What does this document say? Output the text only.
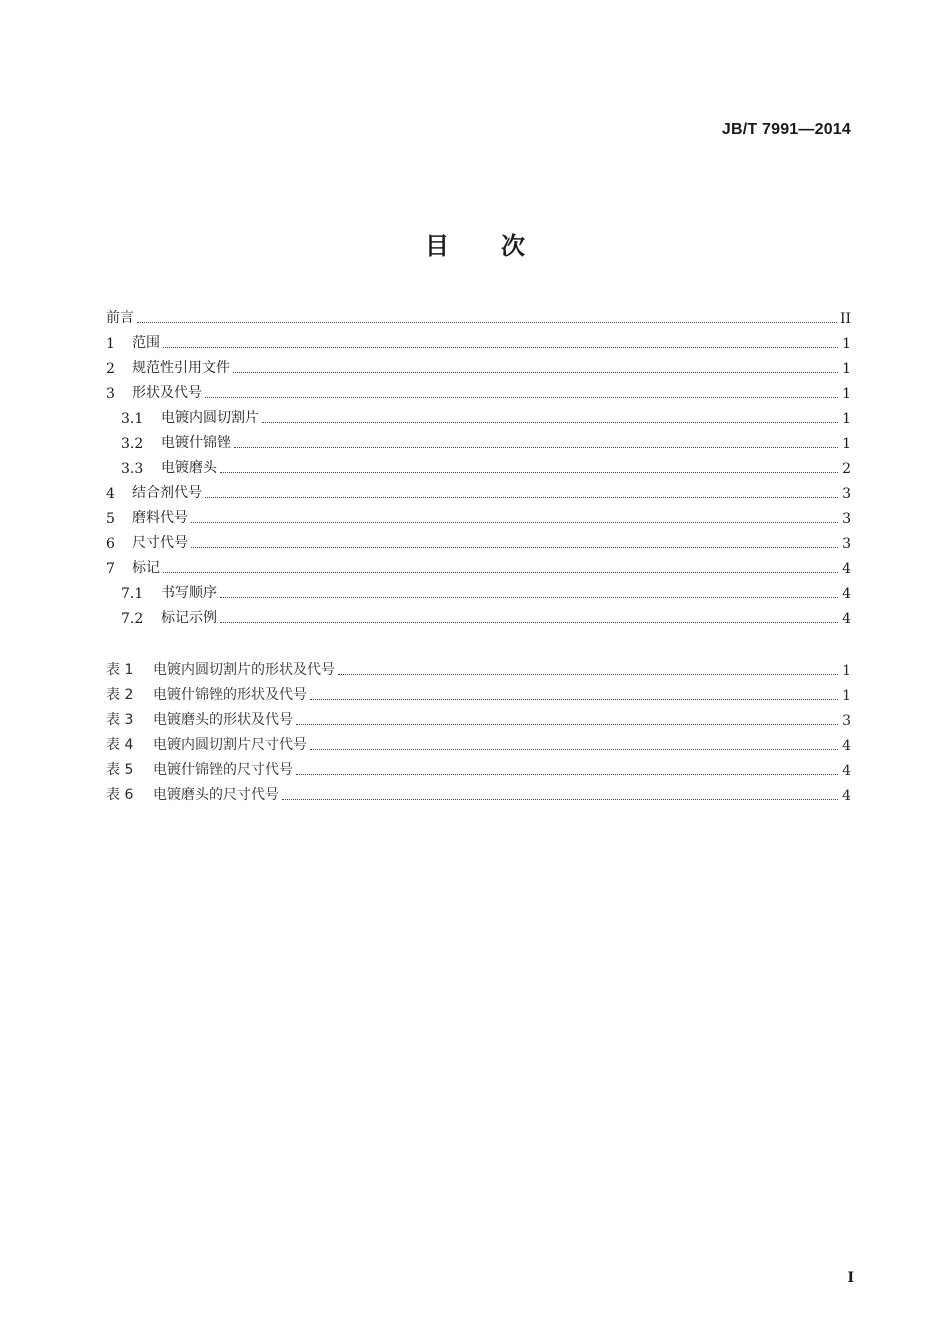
JB/T 7991—2014
目次
前言	II
1	范围	1
2	规范性引用文件	1
3	形状及代号	1
3.1	电镀内圆切割片	1
3.2	电镀什锦锉	1
3.3	电镀磨头	2
4	结合剂代号	3
5	磨料代号	3
6	尺寸代号	3
7	标记	4
7.1	书写顺序	4
7.2	标记示例	4
表 1	电镀内圆切割片的形状及代号	1
表 2	电镀什锦锉的形状及代号	1
表 3	电镀磨头的形状及代号	3
表 4	电镀内圆切割片尺寸代号	4
表 5	电镀什锦锉的尺寸代号	4
表 6	电镀磨头的尺寸代号	4
I
